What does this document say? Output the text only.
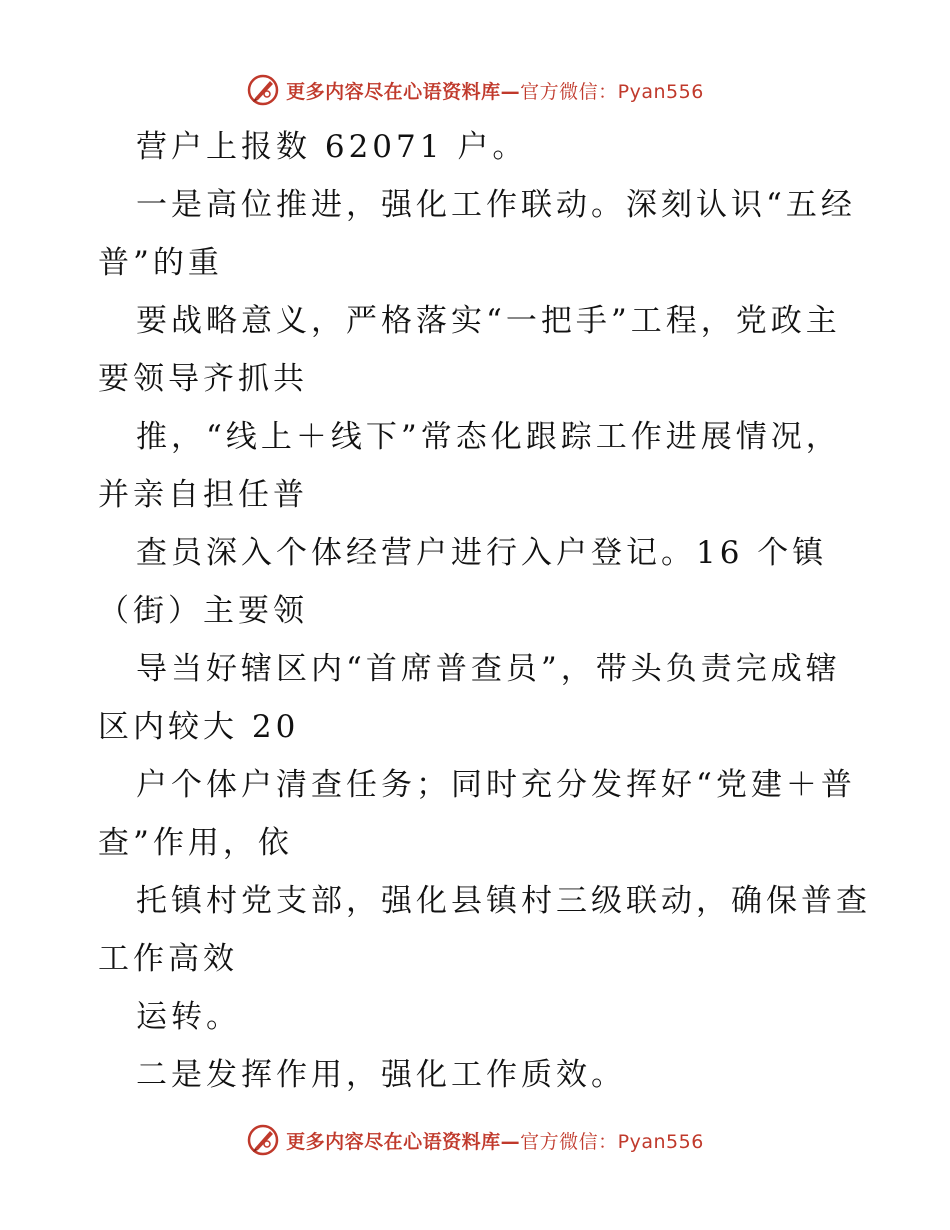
更多内容尽在心语资料库—官方微信：Pyan556
营户上报数 62071 户。
一是高位推进，强化工作联动。深刻认识“五经
普”的重
要战略意义，严格落实“一把手”工程，党政主
要领导齐抓共
推，“线上＋线下”常态化跟踪工作进展情况，
并亲自担任普
查员深入个体经营户进行入户登记。16 个镇
（街）主要领
导当好辖区内“首席普查员”，带头负责完成辖
区内较大 20
户个体户清查任务；同时充分发挥好“党建＋普
查”作用，依
托镇村党支部，强化县镇村三级联动，确保普查
工作高效
运转。
二是发挥作用，强化工作质效。
更多内容尽在心语资料库—官方微信：Pyan556
